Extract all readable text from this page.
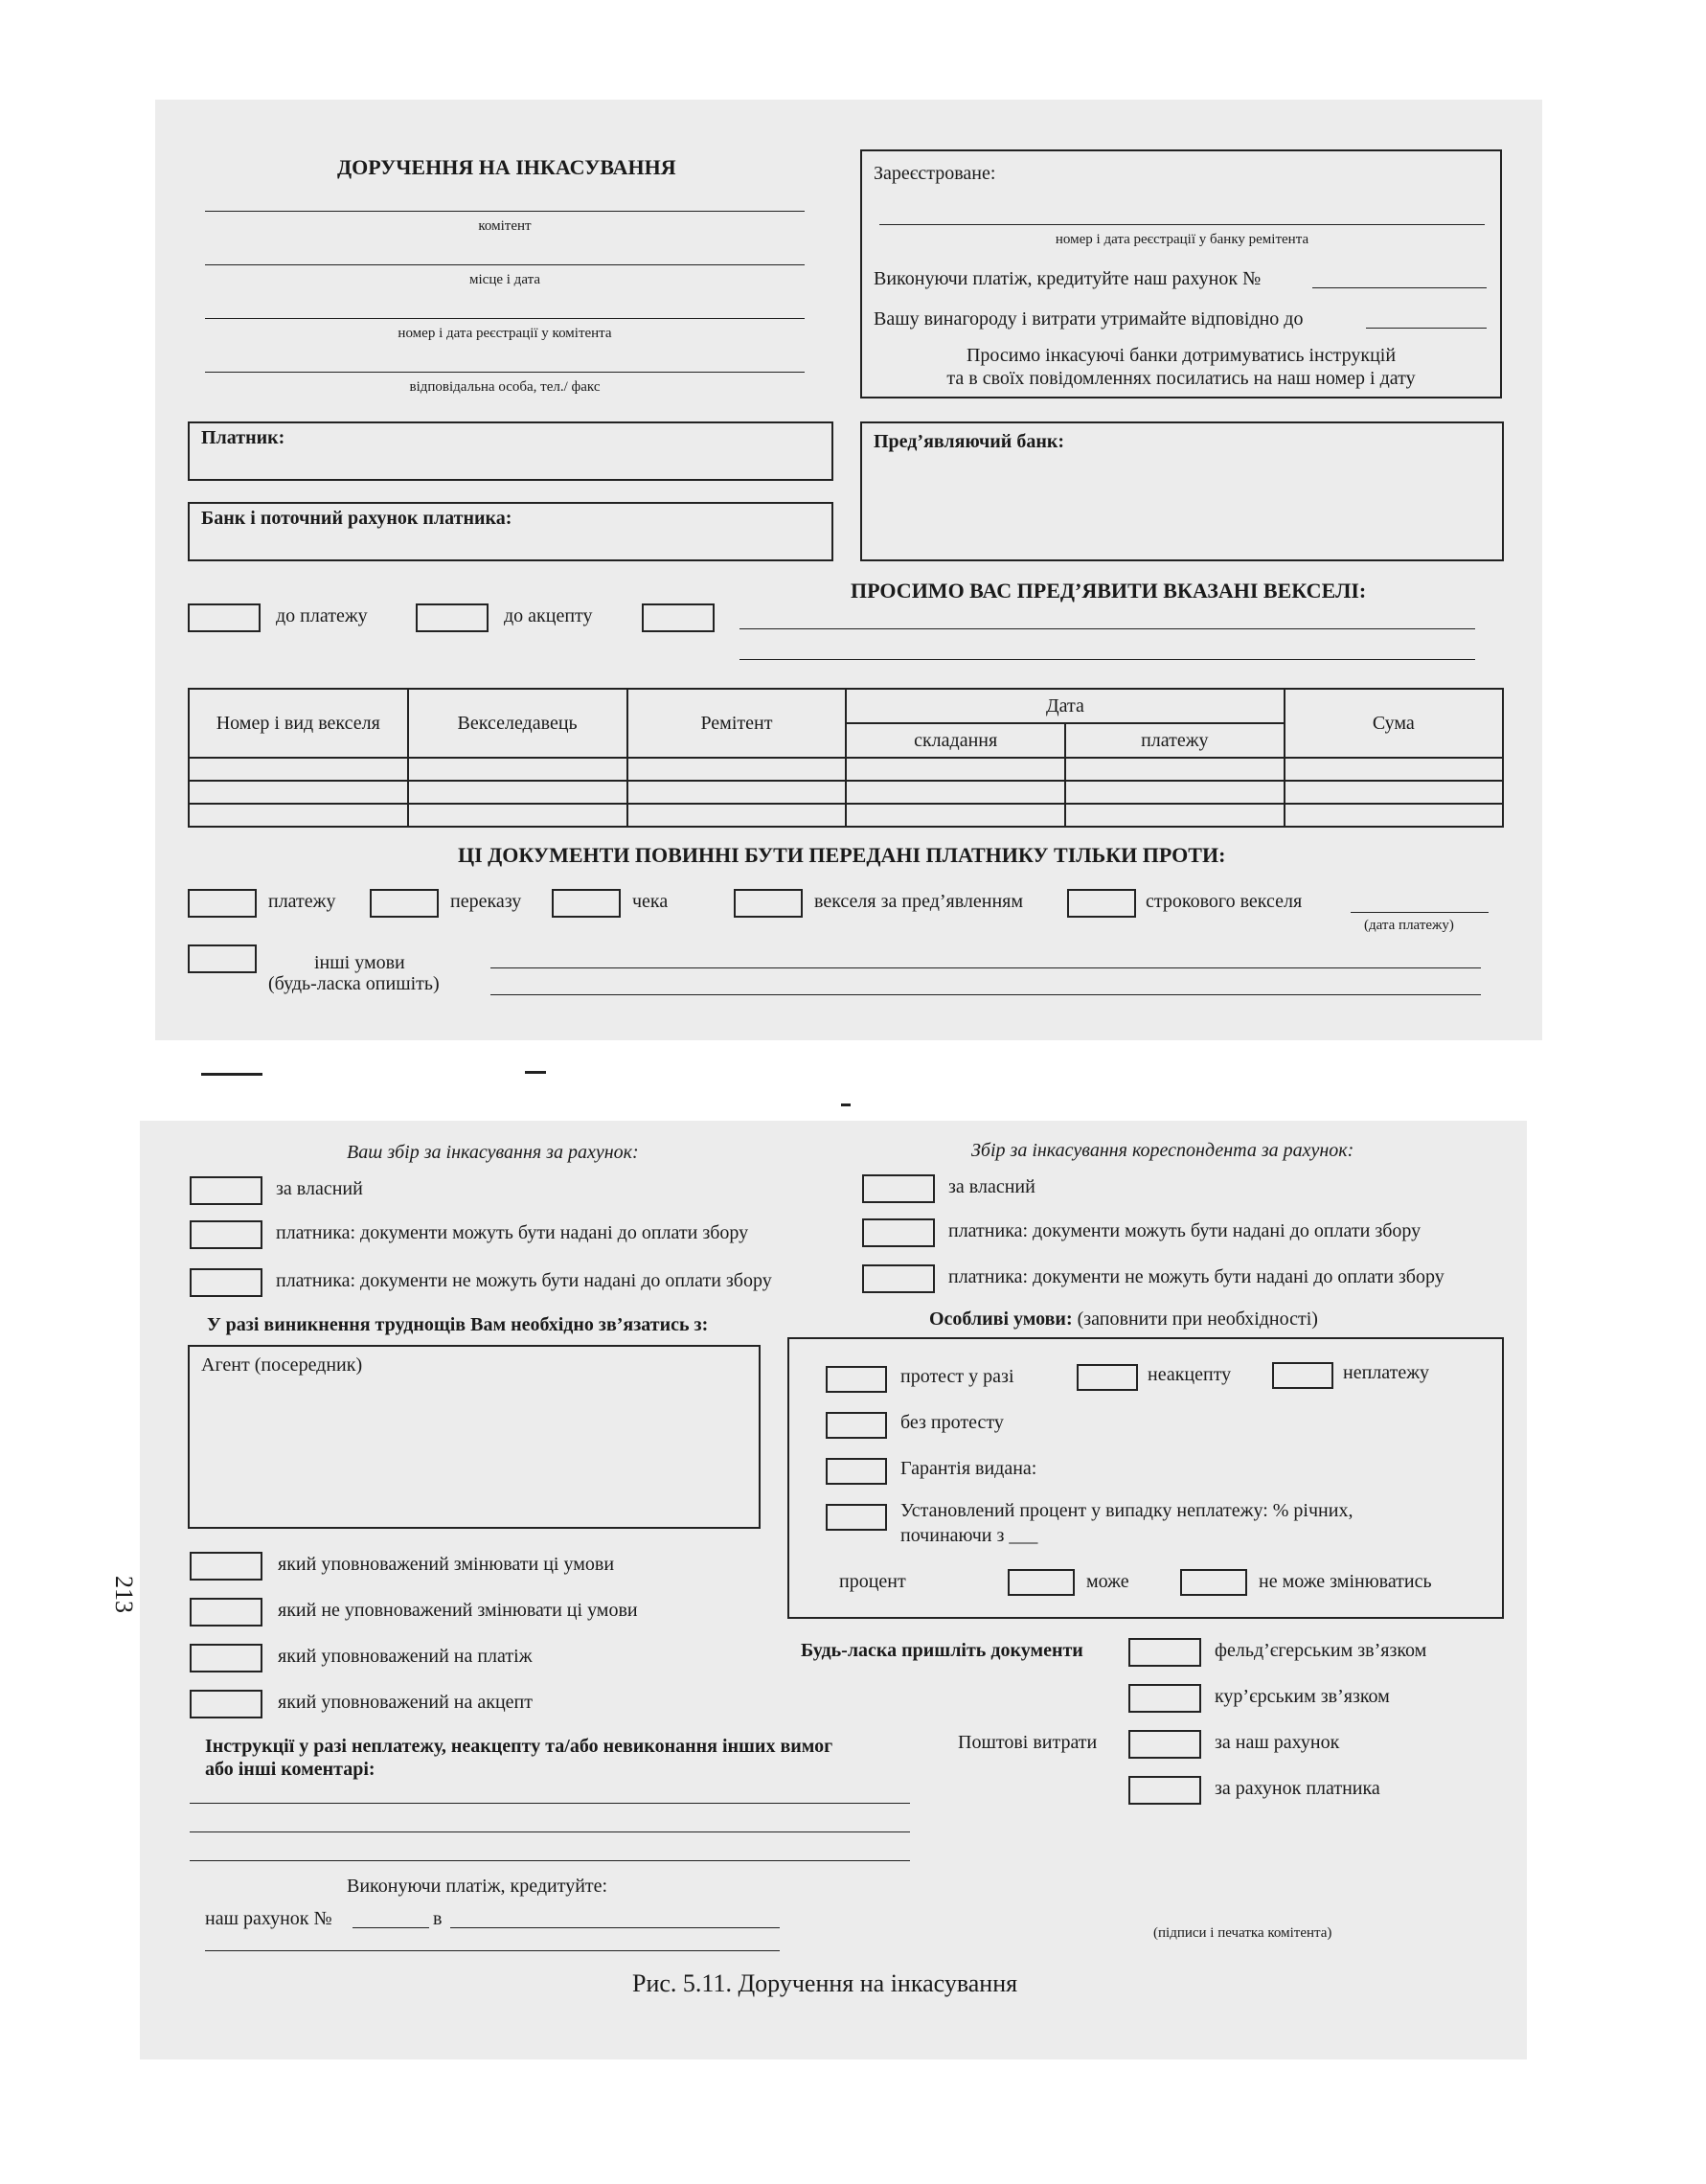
ДОРУЧЕННЯ НА ІНКАСУВАННЯ
комітент
місце і дата
номер і дата реєстрації у комітента
відповідальна особа, тел./ факс
Зареєстроване:
номер і дата реєстрації у банку ремітента
Виконуючи платіж, кредитуйте наш рахунок №
Вашу винагороду і витрати утримайте відповідно до
Просимо інкасуючі банки дотримуватись інструкцій
та в своїх повідомленнях посилатись на наш номер і дату
Платник:
Банк і поточний рахунок платника:
Пред’являючий банк:
ПРОСИМО ВАС ПРЕД’ЯВИТИ ВКАЗАНІ ВЕКСЕЛІ:
до платежу	до акцепту
Номер і вид векселя	Векселедавець	Ремітент	Дата		Сума
			складання	платежу	

ЦІ ДОКУМЕНТИ ПОВИННІ БУТИ ПЕРЕДАНІ ПЛАТНИКУ ТІЛЬКИ ПРОТИ:
платежу	переказу	чека	векселя за пред’явленням	строкового векселя
(дата платежу)
інші умови
(будь-ласка опишіть)
Ваш збір за інкасування за рахунок:
за власний
платника: документи можуть бути надані до оплати збору
платника: документи не можуть бути надані до оплати збору
Збір за інкасування кореспондента за рахунок:
за власний
платника: документи можуть бути надані до оплати збору
платника: документи не можуть бути надані до оплати збору
У разі виникнення труднощів Вам необхідно зв’язатись з:
Агент (посередник)
який уповноважений змінювати ці умови
який не уповноважений змінювати ці умови
який уповноважений на платіж
який уповноважений на акцепт
Особливі умови: (заповнити при необхідності)
протест у разі	неакцепту	неплатежу
без протесту
Гарантія видана:
Установлений процент у випадку неплатежу: % річних,
починаючи з ___
процент	може	не може змінюватись
Будь-ласка пришліть документи	фельд’єгерським зв’язком
кур’єрським зв’язком
Поштові витрати	за наш рахунок
за рахунок платника
Інструкції у разі неплатежу, неакцепту та/або невиконання інших вимог
або інші коментарі:
Виконуючи платіж, кредитуйте:
наш рахунок №	в
(підписи і печатка комітента)
213
Рис. 5.11. Доручення на інкасування
